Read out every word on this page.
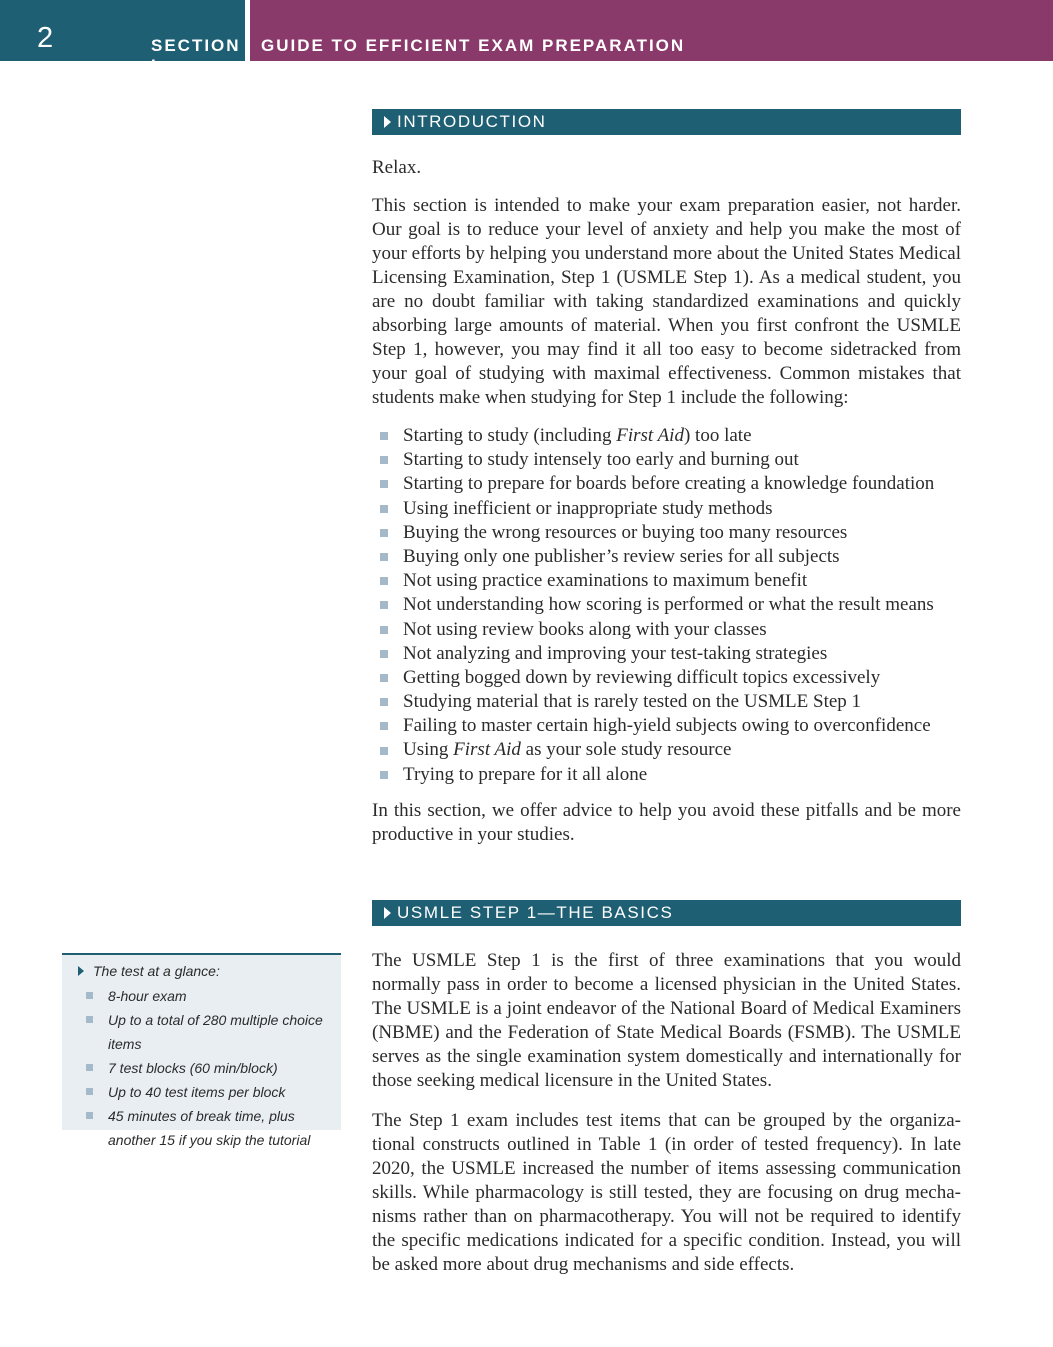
2	SECTION I
GUIDE TO EFFICIENT EXAM PREPARATION
INTRODUCTION
Relax.
This section is intended to make your exam preparation easier, not harder. Our goal is to reduce your level of anxiety and help you make the most of your efforts by helping you understand more about the United States Medical Licensing Examination, Step 1 (USMLE Step 1). As a medical student, you are no doubt familiar with taking standardized examinations and quickly absorbing large amounts of material. When you first confront the USMLE Step 1, however, you may find it all too easy to become sidetracked from your goal of studying with maximal effectiveness. Common mistakes that students make when studying for Step 1 include the following:
Starting to study (including First Aid) too late
Starting to study intensely too early and burning out
Starting to prepare for boards before creating a knowledge foundation
Using inefficient or inappropriate study methods
Buying the wrong resources or buying too many resources
Buying only one publisher’s review series for all subjects
Not using practice examinations to maximum benefit
Not understanding how scoring is performed or what the result means
Not using review books along with your classes
Not analyzing and improving your test-taking strategies
Getting bogged down by reviewing difficult topics excessively
Studying material that is rarely tested on the USMLE Step 1
Failing to master certain high-yield subjects owing to overconfidence
Using First Aid as your sole study resource
Trying to prepare for it all alone
In this section, we offer advice to help you avoid these pitfalls and be more productive in your studies.
USMLE STEP 1—THE BASICS
The USMLE Step 1 is the first of three examinations that you would normally pass in order to become a licensed physician in the United States. The USMLE is a joint endeavor of the National Board of Medical Examiners (NBME) and the Federation of State Medical Boards (FSMB). The USMLE serves as the single examination system domestically and internationally for those seeking medical licensure in the United States.
The Step 1 exam includes test items that can be grouped by the organizational constructs outlined in Table 1 (in order of tested frequency). In late 2020, the USMLE increased the number of items assessing communication skills. While pharmacology is still tested, they are focusing on drug mechanisms rather than on pharmacotherapy. You will not be required to identify the specific medications indicated for a specific condition. Instead, you will be asked more about drug mechanisms and side effects.
The test at a glance:
8-hour exam
Up to a total of 280 multiple choice items
7 test blocks (60 min/block)
Up to 40 test items per block
45 minutes of break time, plus another 15 if you skip the tutorial
